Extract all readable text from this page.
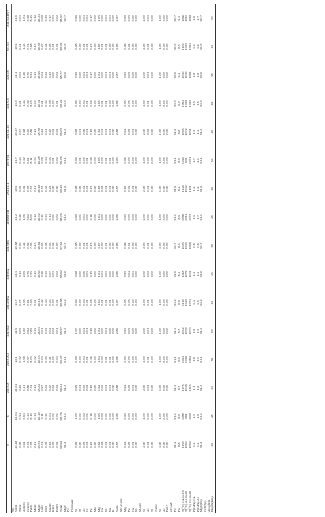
	0	6	22L5-8	22L5-8.2	22L5b2	22L20Ha	22I5Na	22L5Hb	4D5BT1B	2SL12-1	20CT04	22L34-11	22L5-9	22L18	5C-S1	Z2L5ADS+
Th																
SiO2	41.48	42.04	41.04	42.1	41.9	41.7	41.3	40.68	41.2	40.9	41.7	40.47	41.0	41.4	40.9	41.6
TiO2	0.06	0.54	0.49	0.12	0.05	0.07	0.13	0.00	0.46	0.03	0.43	0.57	0.21	0.03	0.11	0.01
Al2O3	1.94	0.63	1.11	1.58	1.60	1.55	2.09	1.42	1.06	1.39	0.12	1.98	1.44	1.36	1.43	1.04
Cr2O3	0.72	0.43	0.86	0.57	0.62	0.61	0.79	0.59	0.62	0.78	0.61	0.50	0.39	0.70	0.74	0.58
FeOt	7.78	8.10	7.72	8.05	7.85	7.90	7.55	7.55	8.00	7.57	8.11	7.86	8.15	8.53	7.68	8.45
MnO	0.11	0.14	0.13	0.12	0.13	0.11	0.11	0.13	0.12	0.11	0.13	0.12	0.10	0.13	0.13	0.12
MgO	45.51	46.40	45.32	46.13	46.03	46.14	45.91	46.82	46.02	46.18	46.28	45.78	46.31	45.99	46.35	46.24
CaO	0.74	0.11	0.97	0.03	0.01	0.32	0.36	0.03	0.11	0.73	0.06	0.22	0.21	0.04	0.27	0.08
NiO	0.35	0.31	0.33	0.35	0.33	0.33	0.31	0.36	0.33	0.33	0.34	0.31	0.34	0.32	0.34	0.35
Na2O	0.16	0.04	0.30	0.21	0.04	0.24	0.07	0.03	0.14	0.23	0.15	0.20	0.08	0.25	0.05	0.17
K2O	0.05	0.01	0.02	0.00	0.02	0.00	0.01	0.02	0.01	0.00	0.01	0.02	0.00	0.00	0.01	0.01
P2O5	0.02	0.01	0.02	0.03	0.01	0.01	0.02	0.00	0.02	0.00	0.02	0.02	0.01	0.02	0.01	0.02
Total	98.92	98.76	98.31	99.27	98.57	98.98	98.62	97.63	98.09	98.25	99.06	98.05	98.24	98.77	98.02	98.67
Mg#	91.2	91.1	91.3	91.1	91.3	91.2	91.6	91.7	91.1	91.6	91.1	91.2	91.0	90.6	91.5	90.7
Fo																
Formula																
Si	0.99	1.00	0.99	0.99	1.00	0.99	0.98	0.98	0.99	0.98	0.99	0.98	0.99	0.99	0.98	0.99
Ti	0.00	0.01	0.01	0.00	0.00	0.00	0.00	0.00	0.01	0.00	0.01	0.01	0.00	0.00	0.00	0.00
Al	0.05	0.02	0.03	0.04	0.04	0.04	0.06	0.04	0.03	0.04	0.00	0.06	0.04	0.04	0.04	0.03
Cr	0.01	0.01	0.02	0.01	0.01	0.01	0.01	0.01	0.01	0.01	0.01	0.01	0.01	0.01	0.01	0.01
Fe	0.16	0.16	0.16	0.16	0.16	0.16	0.15	0.15	0.16	0.15	0.16	0.16	0.16	0.17	0.15	0.17
Mn	0.00	0.00	0.00	0.00	0.00	0.00	0.00	0.00	0.00	0.00	0.00	0.00	0.00	0.00	0.00	0.00
Mg	1.62	1.65	1.62	1.64	1.64	1.64	1.64	1.67	1.64	1.65	1.65	1.63	1.65	1.64	1.65	1.65
Ca	0.02	0.00	0.03	0.00	0.00	0.01	0.01	0.00	0.00	0.02	0.00	0.01	0.01	0.00	0.01	0.00
Ni	0.01	0.01	0.01	0.01	0.01	0.01	0.01	0.01	0.01	0.01	0.01	0.01	0.01	0.01	0.01	0.01
Na	0.01	0.00	0.01	0.01	0.00	0.01	0.00	0.00	0.01	0.01	0.01	0.01	0.00	0.01	0.00	0.01
K	0.00	0.00	0.00	0.00	0.00	0.00	0.00	0.00	0.00	0.00	0.00	0.00	0.00	0.00	0.00	0.00
Sum	2.87	2.86	2.88	2.86	2.86	2.87	2.86	2.86	2.86	2.87	2.85	2.88	2.86	2.87	2.85	2.87
M1,2-site																
Mg	0.94	0.95	0.94	0.95	0.95	0.95	0.95	0.96	0.95	0.95	0.96	0.94	0.95	0.95	0.96	0.95
Fe	0.05	0.05	0.05	0.05	0.05	0.05	0.04	0.04	0.05	0.04	0.05	0.05	0.05	0.05	0.04	0.05
Ca	0.01	0.00	0.01	0.00	0.00	0.00	0.01	0.00	0.00	0.01	0.00	0.01	0.00	0.00	0.00	0.00
Ni	0.00	0.00	0.00	0.00	0.00	0.00	0.00	0.00	0.00	0.00	0.00	0.00	0.00	0.00	0.00	0.00
M-site																
Si	2.00	2.00	2.00	2.00	2.00	2.00	2.00	2.00	2.00	2.00	2.00	2.00	2.00	2.00	2.00	2.00
Al	0.01	0.00	0.01	0.01	0.01	0.01	0.02	0.01	0.01	0.01	0.00	0.02	0.01	0.01	0.01	0.01
Ti	0.00	0.00	0.00	0.00	0.00	0.00	0.00	0.00	0.00	0.00	0.00	0.00	0.00	0.00	0.00	0.00
T-site																
Si	1.00	1.00	1.00	1.00	1.00	1.00	1.00	1.00	1.00	1.00	1.00	1.00	1.00	1.00	1.00	1.00
Al	0.00	0.00	0.00	0.00	0.00	0.00	0.00	0.00	0.00	0.00	0.00	0.00	0.00	0.00	0.00	0.00
Fe3+	0.00	0.00	0.00	0.00	0.00	0.00	0.00	0.00	0.00	0.00	0.00	0.00	0.00	0.00	0.00	0.00
Ol sub.																
Fo	91.2	91.1	91.3	91.1	91.3	91.2	91.6	91.7	91.1	91.6	91.1	91.2	91.0	90.6	91.5	90.7
Fa	8.8	8.9	8.7	8.9	8.7	8.8	8.4	8.3	8.9	8.4	8.9	8.8	9.0	9.4	8.5	9.3
T(°C) Ca-in-Ol	1150	1080	1175	1024	1012	1110	1118	1025	1080	1149	1040	1095	1093	1030	1101	1060
T(°C) Al-in-Ol	1061	982	1018	1049	1050	1045	1079	1035	1014	1032	935	1072	1038	1030	1035	1010
T(°C) Cr-in-Ol	1092	1030	1115	1062	1073	1071	1104	1068	1073	1101	1071	1051	1025	1084	1093	1065
P(GPa) Ca	1.2	1.5	1.1	1.8	1.9	1.4	1.4	1.8	1.5	1.2	1.7	1.5	1.5	1.8	1.4	1.6
P(GPa) Al	1.4	1.9	1.6	1.5	1.5	1.5	1.3	1.6	1.7	1.6	2.1	1.4	1.6	1.6	1.6	1.7
Mg#(Ol)	91.2	91.1	91.3	91.1	91.3	91.2	91.6	91.7	91.1	91.6	91.1	91.2	91.0	90.6	91.5	90.7
Cr#(Sp)																
ΔlogfO2																
Depth(km)	38	48	35	56	60	45	45	56	48	38	53	48	48	56	45	50
